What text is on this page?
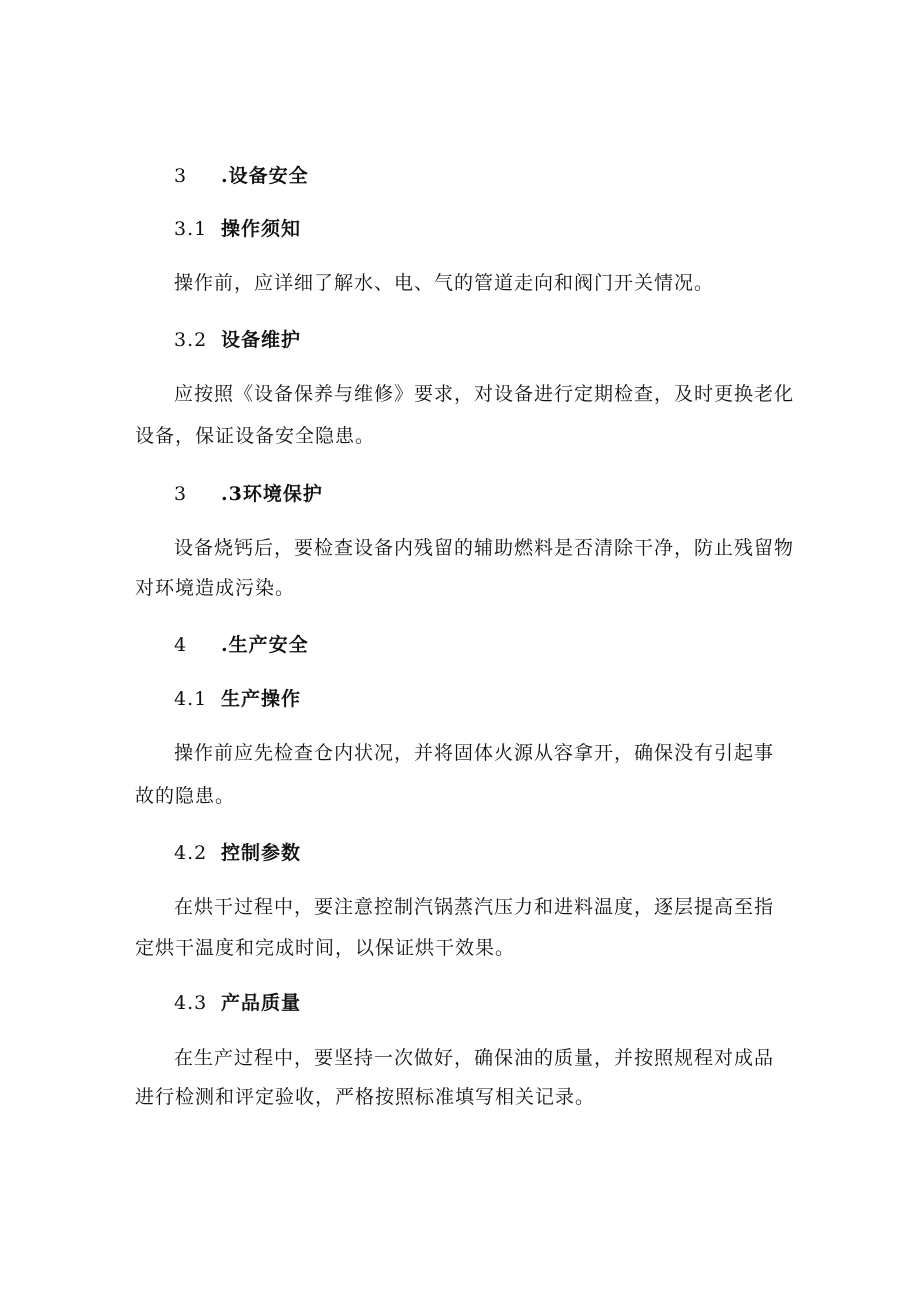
3 .设备安全
3.1 操作须知
操作前，应详细了解水、电、气的管道走向和阀门开关情况。
3.2 设备维护
应按照《设备保养与维修》要求，对设备进行定期检查，及时更换老化
设备，保证设备安全隐患。
3 .3环境保护
设备烧钙后，要检查设备内残留的辅助燃料是否清除干净，防止残留物
对环境造成污染。
4 .生产安全
4.1 生产操作
操作前应先检查仓内状况，并将固体火源从容拿开，确保没有引起事
故的隐患。
4.2 控制参数
在烘干过程中，要注意控制汽锅蒸汽压力和进料温度，逐层提高至指
定烘干温度和完成时间，以保证烘干效果。
4.3 产品质量
在生产过程中，要坚持一次做好，确保油的质量，并按照规程对成品
进行检测和评定验收，严格按照标准填写相关记录。
